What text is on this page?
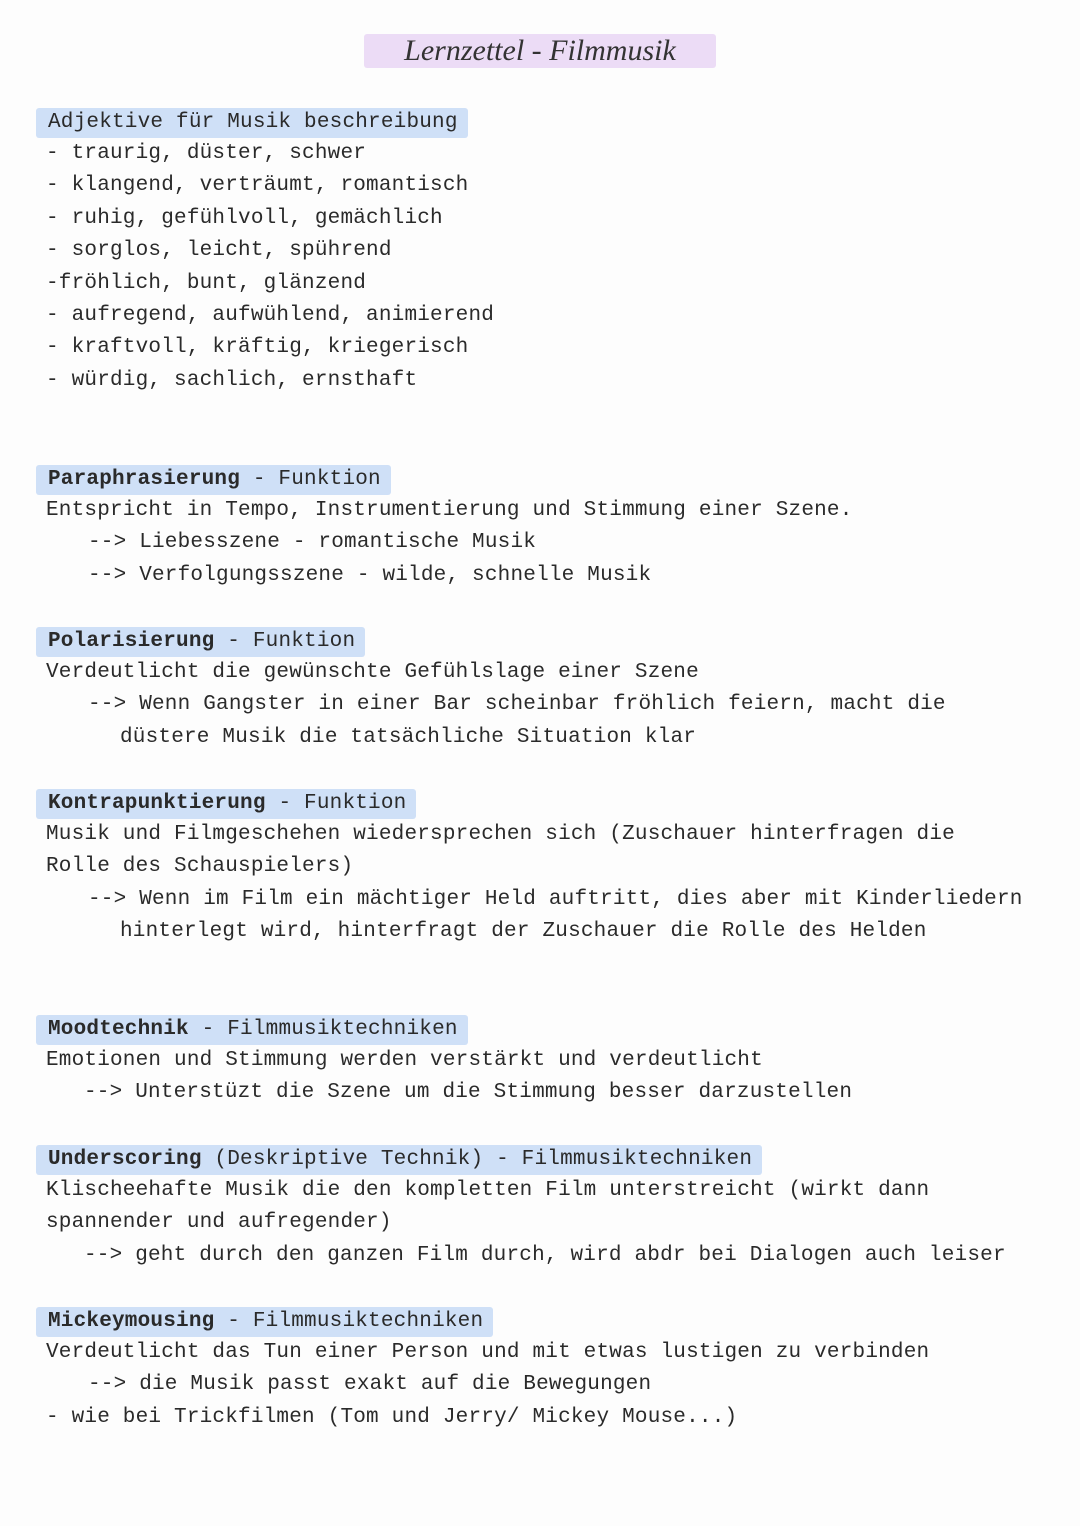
Lernzettel - Filmmusik
Adjektive für Musik beschreibung
- traurig, düster, schwer
- klangend, verträumt, romantisch
- ruhig, gefühlvoll, gemächlich
- sorglos, leicht, spührend
-fröhlich, bunt, glänzend
- aufregend, aufwühlend, animierend
- kraftvoll, kräftig, kriegerisch
- würdig, sachlich, ernsthaft
Paraphrasierung - Funktion
Entspricht in Tempo, Instrumentierung und Stimmung einer Szene.
--> Liebesszene - romantische Musik
--> Verfolgungsszene - wilde, schnelle Musik
Polarisierung - Funktion
Verdeutlicht die gewünschte Gefühlslage einer Szene
--> Wenn Gangster in einer Bar scheinbar fröhlich feiern, macht die
düstere Musik die tatsächliche Situation klar
Kontrapunktierung - Funktion
Musik und Filmgeschehen wiedersprechen sich (Zuschauer hinterfragen die
Rolle des Schauspielers)
--> Wenn im Film ein mächtiger Held auftritt, dies aber mit Kinderliedern
hinterlegt wird, hinterfragt der Zuschauer die Rolle des Helden
Moodtechnik - Filmmusiktechniken
Emotionen und Stimmung werden verstärkt und verdeutlicht
--> Unterstüzt die Szene um die Stimmung besser darzustellen
Underscoring (Deskriptive Technik) - Filmmusiktechniken
Klischeehafte Musik die den kompletten Film unterstreicht (wirkt dann
spannender und aufregender)
--> geht durch den ganzen Film durch, wird abdr bei Dialogen auch leiser
Mickeymousing - Filmmusiktechniken
Verdeutlicht das Tun einer Person und mit etwas lustigen zu verbinden
--> die Musik passt exakt auf die Bewegungen
- wie bei Trickfilmen (Tom und Jerry/ Mickey Mouse...)
